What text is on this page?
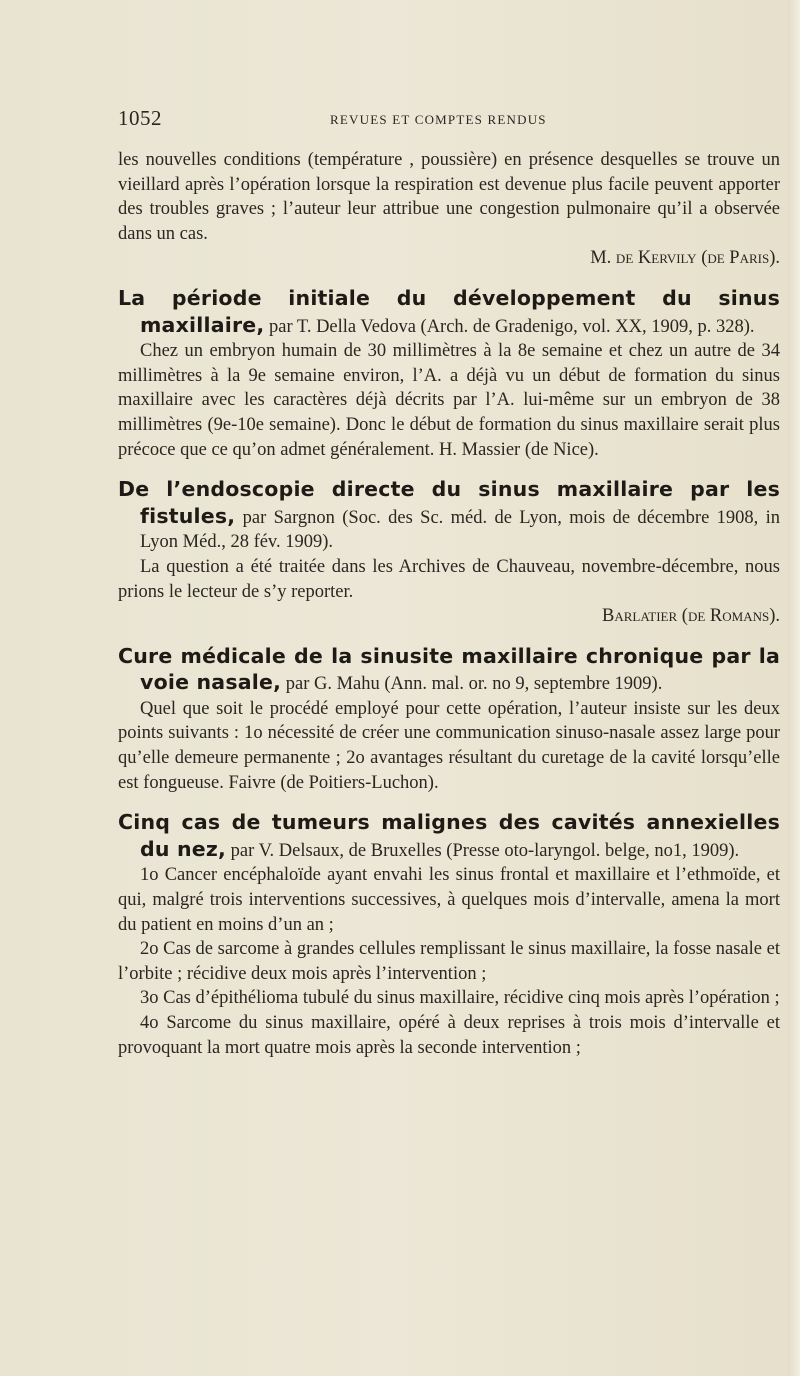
1052	REVUES ET COMPTES RENDUS

les nouvelles conditions (température , poussière) en présence desquelles se trouve un vieillard après l’opération lorsque la respiration est devenue plus facile peuvent apporter des troubles graves ; l’auteur leur attribue une congestion pulmonaire qu’il a observée dans un cas.

M. de Kervily (de Paris).

La période initiale du développement du sinus maxillaire, par T. Della Vedova (Arch. de Gradenigo, vol. XX, 1909, p. 328).

Chez un embryon humain de 30 millimètres à la 8e semaine et chez un autre de 34 millimètres à la 9e semaine environ, l’A. a déjà vu un début de formation du sinus maxillaire avec les caractères déjà décrits par l’A. lui-même sur un embryon de 38 millimètres (9e-10e semaine). Donc le début de formation du sinus maxillaire serait plus précoce que ce qu’on admet généralement. H. Massier (de Nice).

De l’endoscopie directe du sinus maxillaire par les fistules, par Sargnon (Soc. des Sc. méd. de Lyon, mois de décembre 1908, in Lyon Méd., 28 fév. 1909).

La question a été traitée dans les Archives de Chauveau, novembre-décembre, nous prions le lecteur de s’y reporter.

Barlatier (de Romans).

Cure médicale de la sinusite maxillaire chronique par la voie nasale, par G. Mahu (Ann. mal. or. no 9, septembre 1909).

Quel que soit le procédé employé pour cette opération, l’auteur insiste sur les deux points suivants : 1o nécessité de créer une communication sinuso-nasale assez large pour qu’elle demeure permanente ; 2o avantages résultant du curetage de la cavité lorsqu’elle est fongueuse. Faivre (de Poitiers-Luchon).

Cinq cas de tumeurs malignes des cavités annexielles du nez, par V. Delsaux, de Bruxelles (Presse oto-laryngol. belge, no1, 1909).

1o Cancer encéphaloïde ayant envahi les sinus frontal et maxillaire et l’ethmoïde, et qui, malgré trois interventions successives, à quelques mois d’intervalle, amena la mort du patient en moins d’un an ;

2o Cas de sarcome à grandes cellules remplissant le sinus maxillaire, la fosse nasale et l’orbite ; récidive deux mois après l’intervention ;

3o Cas d’épithélioma tubulé du sinus maxillaire, récidive cinq mois après l’opération ;

4o Sarcome du sinus maxillaire, opéré à deux reprises à trois mois d’intervalle et provoquant la mort quatre mois après la seconde intervention ;
